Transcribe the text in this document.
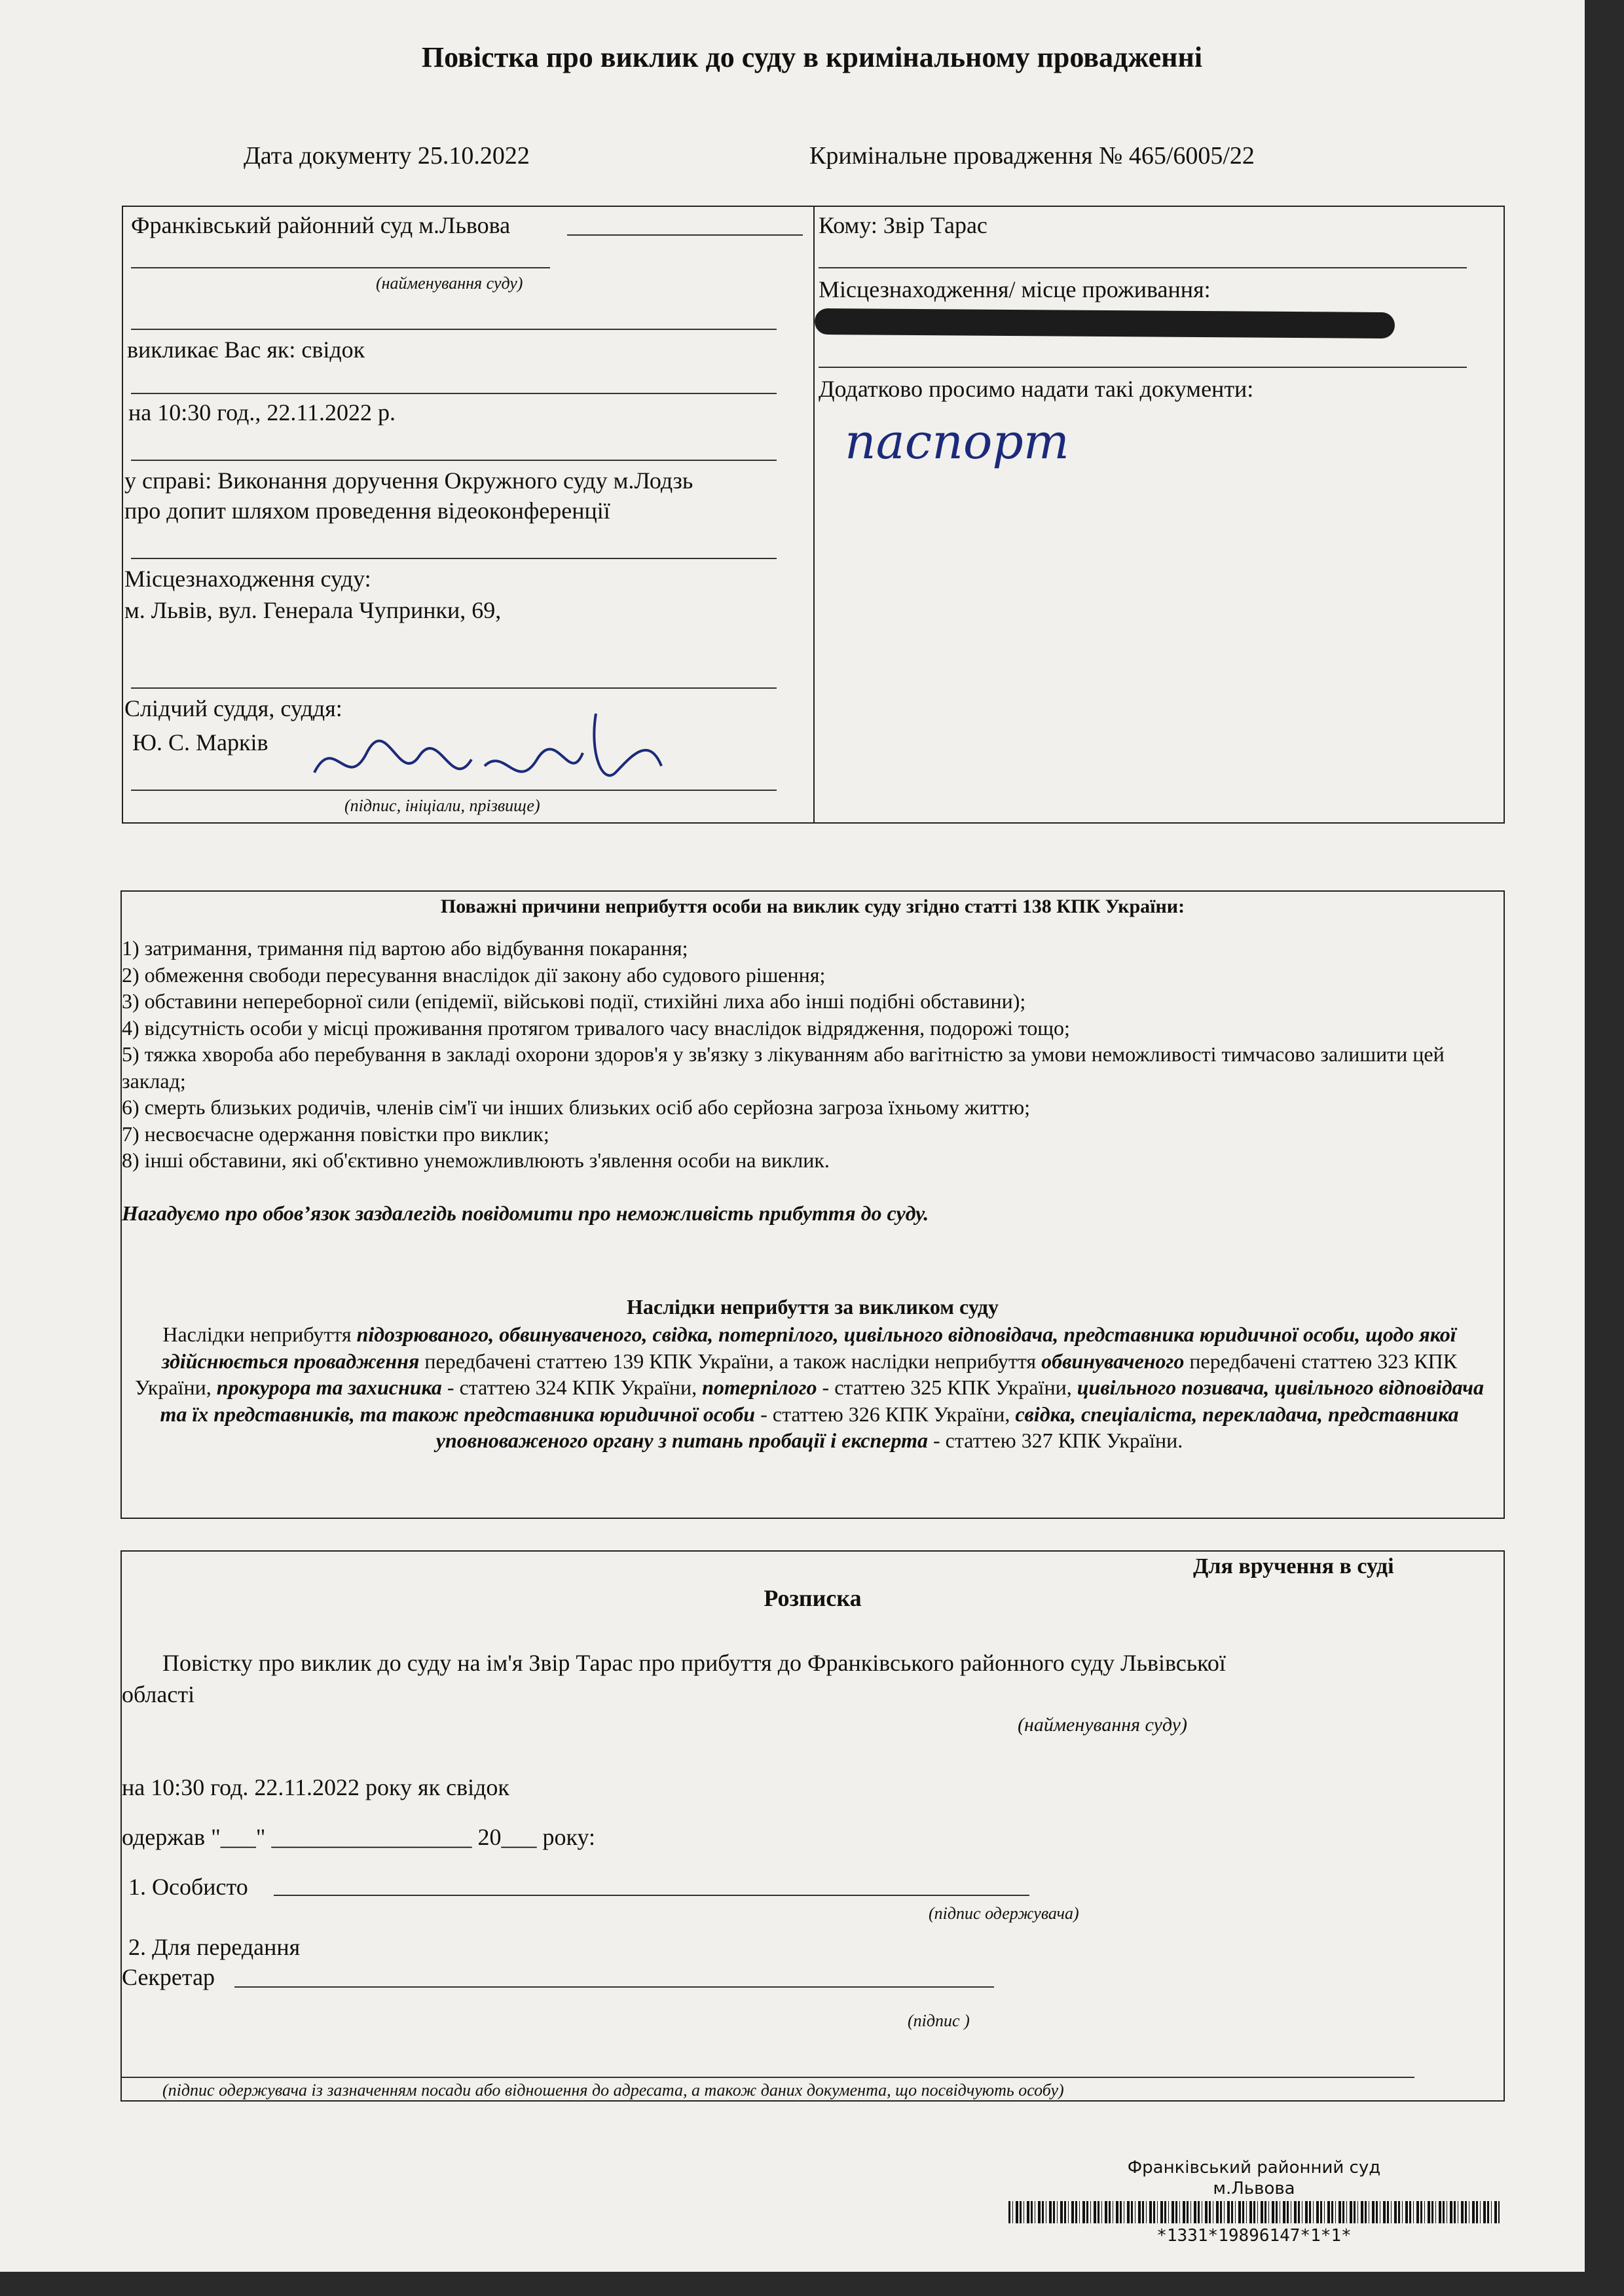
Повістка про виклик до суду в кримінальному провадженні
Дата документу 25.10.2022	Кримінальне провадження № 465/6005/22
Франківський районний суд м.Львова
(найменування суду)
викликає Вас як: свідок
на 10:30 год., 22.11.2022 р.
у справі: Виконання доручення Окружного суду м.Лодзь
про допит шляхом проведення відеоконференції
Місцезнаходження суду:
м. Львів, вул. Генерала Чупринки, 69,
Слідчий суддя, суддя:
Ю. С. Марків
(підпис, ініціали, прізвище)
Кому: Звір Тарас
Місцезнаходження/ місце проживання:
Додатково просимо надати такі документи:
паспорт
Поважні причини неприбуття особи на виклик суду згідно статті 138 КПК України:
1) затримання, тримання під вартою або відбування покарання;
2) обмеження свободи пересування внаслідок дії закону або судового рішення;
3) обставини непереборної сили (епідемії, військові події, стихійні лиха або інші подібні обставини);
4) відсутність особи у місці проживання протягом тривалого часу внаслідок відрядження, подорожі тощо;
5) тяжка хвороба або перебування в закладі охорони здоров'я у зв'язку з лікуванням або вагітністю за умови неможливості тимчасово залишити цей заклад;
6) смерть близьких родичів, членів сім'ї чи інших близьких осіб або серйозна загроза їхньому життю;
7) несвоєчасне одержання повістки про виклик;
8) інші обставини, які об'єктивно унеможливлюють з'явлення особи на виклик.
Нагадуємо про обов’язок заздалегідь повідомити про неможливість прибуття до суду.
Наслідки неприбуття за викликом суду
Наслідки неприбуття підозрюваного, обвинуваченого, свідка, потерпілого, цивільного відповідача, представника юридичної особи, щодо якої здійснюється провадження передбачені статтею 139 КПК України, а також наслідки неприбуття обвинуваченого передбачені статтею 323 КПК України, прокурора та захисника - статтею 324 КПК України, потерпілого - статтею 325 КПК України, цивільного позивача, цивільного відповідача та їх представників, та також представника юридичної особи - статтею 326 КПК України, свідка, спеціаліста, перекладача, представника уповноваженого органу з питань пробації і експерта - статтею 327 КПК України.
Для вручення в суді
Розписка
Повістку про виклик до суду на ім'я Звір Тарас про прибуття до Франківського районного суду Львівської
області
(найменування суду)
на 10:30 год. 22.11.2022 року як свідок
одержав "___" _________________ 20___ року:
1. Особисто
(підпис одержувача)
2. Для передання
Секретар
(підпис )
(підпис одержувача із зазначенням посади або відношення до адресата, а також даних документа, що посвідчують особу)
Франківський районний суд
м.Львова
*1331*19896147*1*1*
